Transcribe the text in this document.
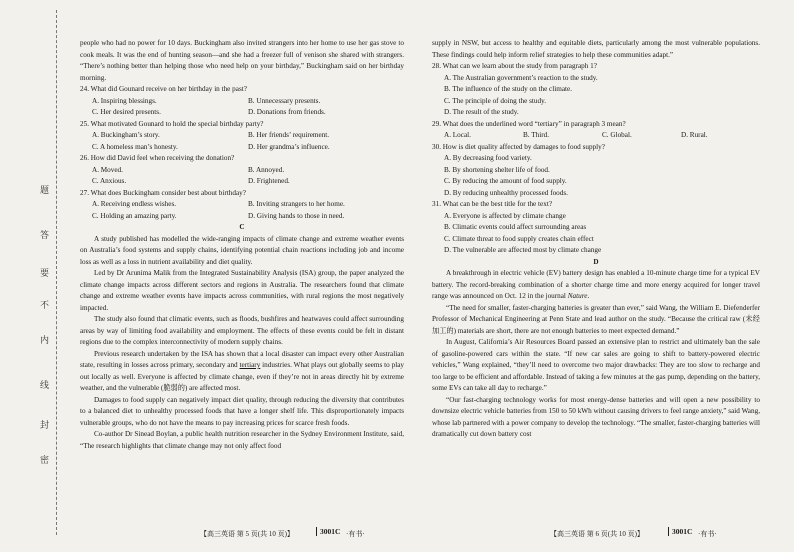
题
答
要
不
内
线
封
密

people who had no power for 10 days. Buckingham also invited strangers into her home to use her gas stove to cook meals. It was the end of hunting season—and she had a freezer full of venison she shared with strangers. “There’s nothing better than helping those who need help on your birthday,” Buckingham said on her birthday morning.

24. What did Gounard receive on her birthday in the past?

A. Inspiring blessings.	B. Unnecessary presents.
C. Her desired presents.	D. Donations from friends.

25. What motivated Gounard to hold the special birthday party?

A. Buckingham’s story.	B. Her friends’ requirement.
C. A homeless man’s honesty.	D. Her grandma’s influence.

26. How did David feel when receiving the donation?

A. Moved.	B. Annoyed.
C. Anxious.	D. Frightened.

27. What does Buckingham consider best about birthday?

A. Receiving endless wishes.	B. Inviting strangers to her home.
C. Holding an amazing party.	D. Giving hands to those in need.

C

A study published has modelled the wide-ranging impacts of climate change and extreme weather events on Australia’s food systems and supply chains, identifying potential chain reactions including job and income loss as well as a loss in nutrient availability and diet quality.

Led by Dr Arunima Malik from the Integrated Sustainability Analysis (ISA) group, the paper analyzed the climate change impacts across different sectors and regions in Australia. The researchers found that climate change and extreme weather events have impacts across communities, with rural regions the most negatively impacted.

The study also found that climatic events, such as floods, bushfires and heatwaves could affect surrounding areas by way of limiting food availability and employment. The effects of these events could be felt in distant regions due to the complex interconnectivity of modern supply chains.

Previous research undertaken by the ISA has shown that a local disaster can impact every other Australian state, resulting in losses across primary, secondary and tertiary industries. What plays out globally seems to play out locally as well. Everyone is affected by climate change, even if they’re not in areas directly hit by extreme weather, and the vulnerable (脆弱的) are affected most.

Damages to food supply can negatively impact diet quality, through reducing the diversity that contributes to a balanced diet to unhealthy processed foods that have a longer shelf life. This disproportionately impacts vulnerable groups, who do not have the means to pay increasing prices for scarce fresh foods.

Co-author Dr Sinead Boylan, a public health nutrition researcher in the Sydney Environment Institute, said, “The research highlights that climate change may not only affect food

supply in NSW, but access to healthy and equitable diets, particularly among the most vulnerable populations. These findings could help inform relief strategies to help these communities adapt.”

28. What can we learn about the study from paragraph 1?

A. The Australian government’s reaction to the study.
B. The influence of the study on the climate.
C. The principle of doing the study.
D. The result of the study.

29. What does the underlined word “tertiary” in paragraph 3 mean?

A. Local.	B. Third.	C. Global.	D. Rural.

30. How is diet quality affected by damages to food supply?

A. By decreasing food variety.
B. By shortening shelter life of food.
C. By reducing the amount of food supply.
D. By reducing unhealthy processed foods.

31. What can be the best title for the text?

A. Everyone is affected by climate change
B. Climatic events could affect surrounding areas
C. Climate threat to food supply creates chain effect
D. The vulnerable are affected most by climate change

D

A breakthrough in electric vehicle (EV) battery design has enabled a 10-minute charge time for a typical EV battery. The record-breaking combination of a shorter charge time and more energy acquired for longer travel range was announced on Oct. 12 in the journal Nature.

“The need for smaller, faster-charging batteries is greater than ever,” said Wang, the William E. Diefenderfer Professor of Mechanical Engineering at Penn State and lead author on the study. “Because the critical raw (未经加工的) materials are short, there are not enough batteries to meet expected demand.”

In August, California’s Air Resources Board passed an extensive plan to restrict and ultimately ban the sale of gasoline-powered cars within the state. “If new car sales are going to shift to battery-powered electric vehicles,” Wang explained, “they’ll need to overcome two major drawbacks: They are too slow to recharge and too large to be efficient and affordable. Instead of taking a few minutes at the gas pump, depending on the battery, some EVs can take all day to recharge.”

“Our fast-charging technology works for most energy-dense batteries and will open a new possibility to downsize electric vehicle batteries from 150 to 50 kWh without causing drivers to feel range anxiety,” said Wang, whose lab partnered with a power company to develop the technology. “The smaller, faster-charging batteries will dramatically cut down battery cost

【高三英语 第 5 页(共 10 页)】	3001C ·有书·	【高三英语 第 6 页(共 10 页)】	3001C ·有书·
